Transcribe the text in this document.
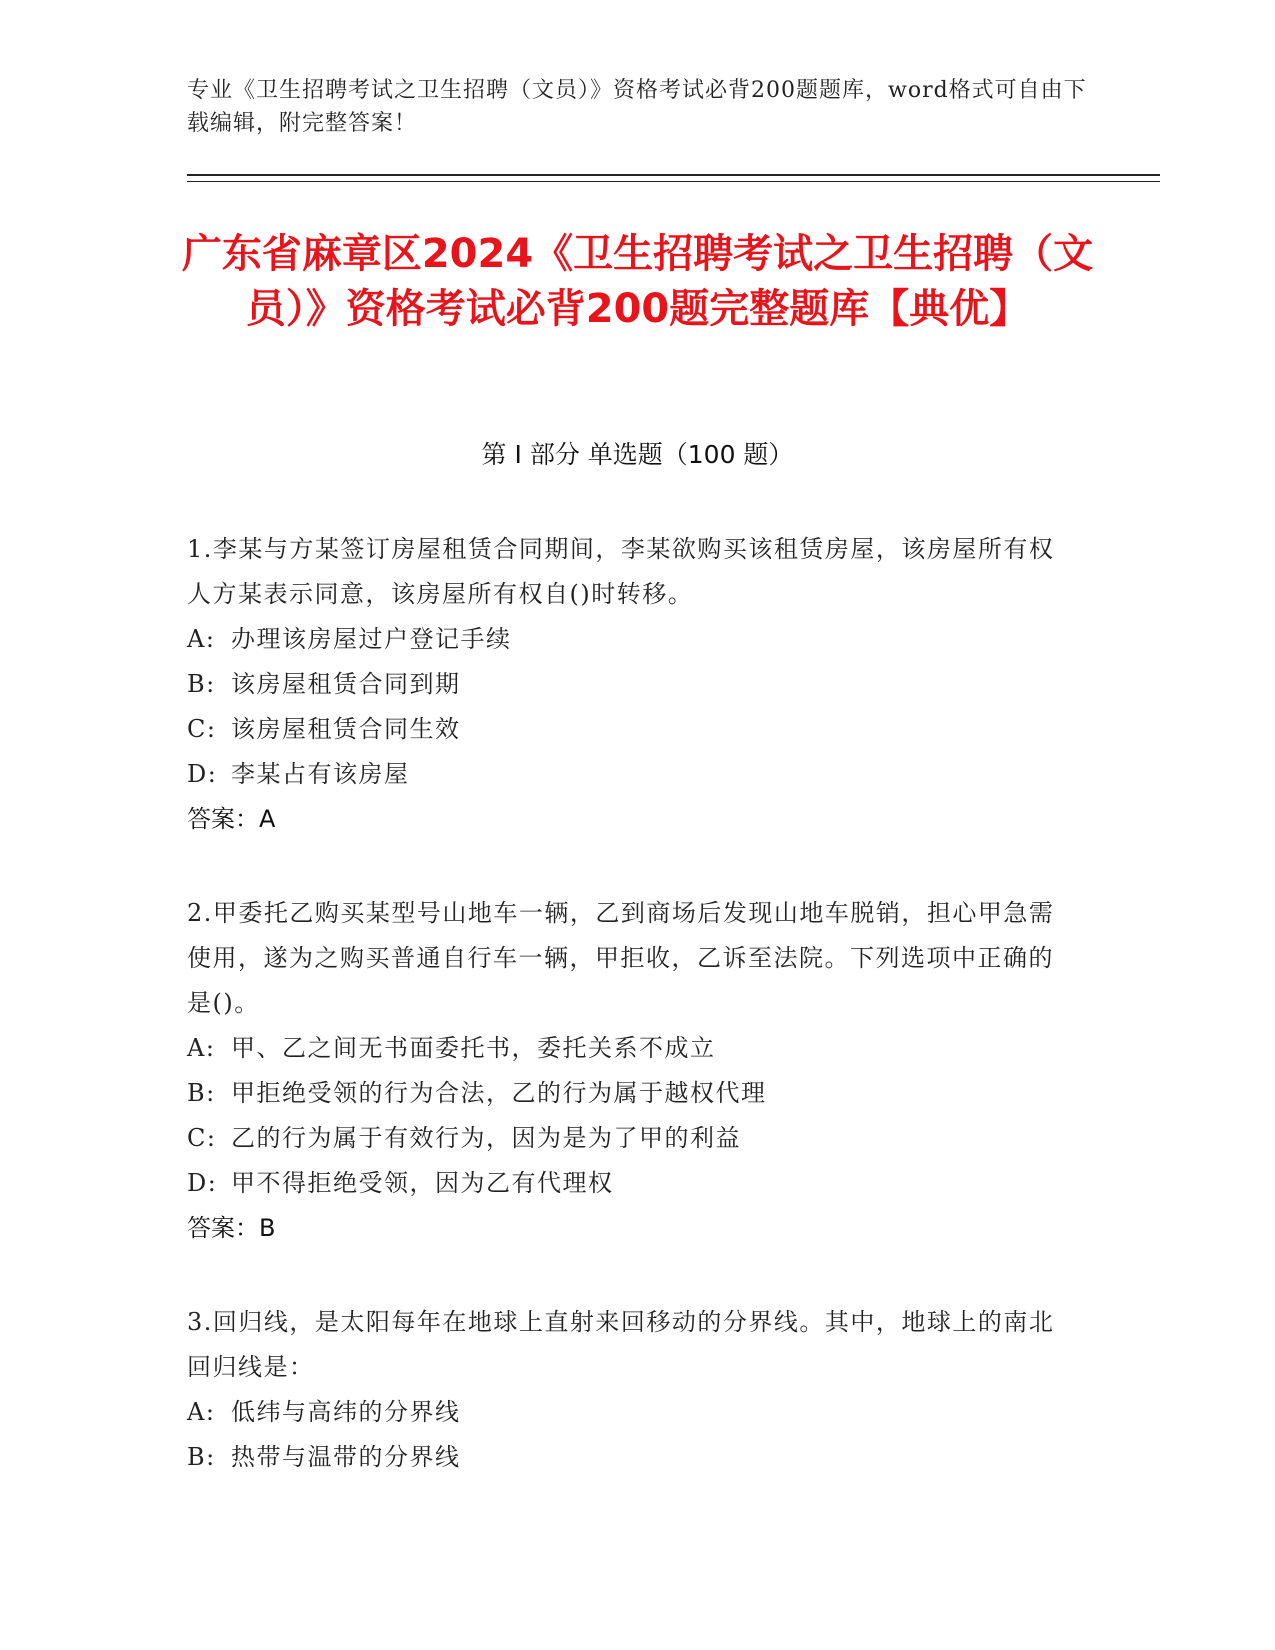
专业《卫生招聘考试之卫生招聘（文员）》资格考试必背200题题库，word格式可自由下载编辑，附完整答案！
广东省麻章区2024《卫生招聘考试之卫生招聘（文员）》资格考试必背200题完整题库【典优】
第 I 部分 单选题（100 题）

1.李某与方某签订房屋租赁合同期间，李某欲购买该租赁房屋，该房屋所有权人方某表示同意，该房屋所有权自()时转移。

A: 办理该房屋过户登记手续

B: 该房屋租赁合同到期

C: 该房屋租赁合同生效

D: 李某占有该房屋

答案：A

2.甲委托乙购买某型号山地车一辆，乙到商场后发现山地车脱销，担心甲急需使用，遂为之购买普通自行车一辆，甲拒收，乙诉至法院。下列选项中正确的是()。

A: 甲、乙之间无书面委托书，委托关系不成立

B: 甲拒绝受领的行为合法，乙的行为属于越权代理

C: 乙的行为属于有效行为，因为是为了甲的利益

D: 甲不得拒绝受领，因为乙有代理权

答案：B

3.回归线，是太阳每年在地球上直射来回移动的分界线。其中，地球上的南北回归线是：

A: 低纬与高纬的分界线

B: 热带与温带的分界线
